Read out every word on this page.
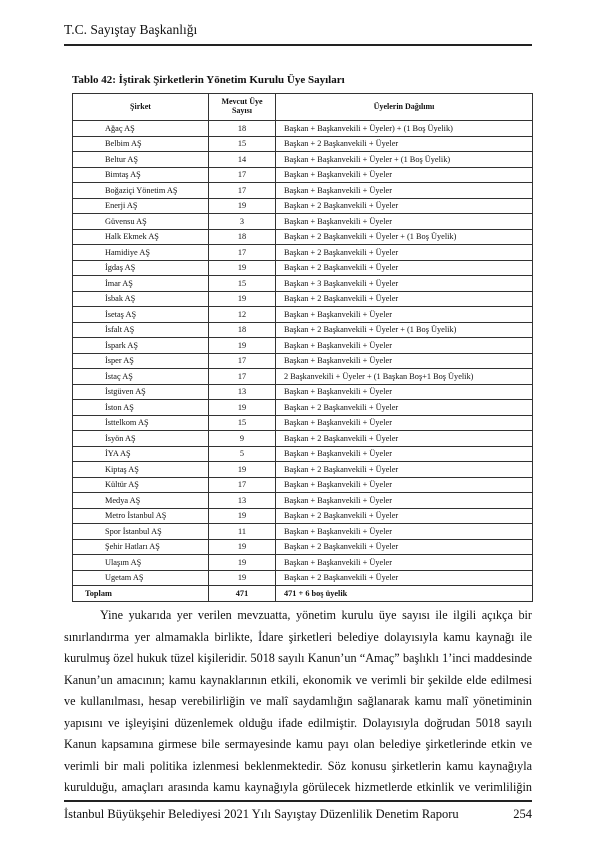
T.C. Sayıştay Başkanlığı
Tablo 42: İştirak Şirketlerin Yönetim Kurulu Üye Sayıları
Şirket	Mevcut Üye Sayısı	Üyelerin Dağılımı
Ağaç AŞ	18	Başkan + Başkanvekili + Üyeler) + (1 Boş Üyelik)
Belbim AŞ	15	Başkan + 2 Başkanvekili + Üyeler
Beltur AŞ	14	Başkan + Başkanvekili + Üyeler + (1 Boş Üyelik)
Bimtaş AŞ	17	Başkan + Başkanvekili + Üyeler
Boğaziçi Yönetim AŞ	17	Başkan + Başkanvekili + Üyeler
Enerji AŞ	19	Başkan + 2 Başkanvekili + Üyeler
Güvensu AŞ	3	Başkan + Başkanvekili + Üyeler
Halk Ekmek AŞ	18	Başkan + 2 Başkanvekili + Üyeler + (1 Boş Üyelik)
Hamidiye AŞ	17	Başkan + 2 Başkanvekili + Üyeler
İgdaş AŞ	19	Başkan + 2 Başkanvekili + Üyeler
İmar AŞ	15	Başkan + 3 Başkanvekili + Üyeler
İsbak AŞ	19	Başkan + 2 Başkanvekili + Üyeler
İsetaş AŞ	12	Başkan + Başkanvekili + Üyeler
İsfalt AŞ	18	Başkan + 2 Başkanvekili + Üyeler + (1 Boş Üyelik)
İspark AŞ	19	Başkan + Başkanvekili + Üyeler
İsper AŞ	17	Başkan + Başkanvekili + Üyeler
İstaç AŞ	17	2 Başkanvekili + Üyeler + (1 Başkan Boş+1 Boş Üyelik)
İstgüven AŞ	13	Başkan + Başkanvekili + Üyeler
İston AŞ	19	Başkan + 2 Başkanvekili + Üyeler
İsttelkom AŞ	15	Başkan + Başkanvekili + Üyeler
İsyön AŞ	9	Başkan + 2 Başkanvekili + Üyeler
İYA AŞ	5	Başkan + Başkanvekili + Üyeler
Kiptaş AŞ	19	Başkan + 2 Başkanvekili + Üyeler
Kültür AŞ	17	Başkan + Başkanvekili + Üyeler
Medya AŞ	13	Başkan + Başkanvekili + Üyeler
Metro İstanbul AŞ	19	Başkan + 2 Başkanvekili + Üyeler
Spor İstanbul AŞ	11	Başkan + Başkanvekili + Üyeler
Şehir Hatları AŞ	19	Başkan + 2 Başkanvekili + Üyeler
Ulaşım AŞ	19	Başkan + Başkanvekili + Üyeler
Ugetam AŞ	19	Başkan + 2 Başkanvekili + Üyeler
Toplam	471	471 + 6 boş üyelik

Yine yukarıda yer verilen mevzuatta, yönetim kurulu üye sayısı ile ilgili açıkça bir
sınırlandırma yer almamakla birlikte, İdare şirketleri belediye dolayısıyla kamu kaynağı ile
kurulmuş özel hukuk tüzel kişileridir. 5018 sayılı Kanun’un “Amaç” başlıklı 1’inci maddesinde
Kanun’un amacının; kamu kaynaklarının etkili, ekonomik ve verimli bir şekilde elde edilmesi
ve kullanılması, hesap verebilirliğin ve malî saydamlığın sağlanarak kamu malî yönetiminin
yapısını ve işleyişini düzenlemek olduğu ifade edilmiştir. Dolayısıyla doğrudan 5018 sayılı
Kanun kapsamına girmese bile sermayesinde kamu payı olan belediye şirketlerinde etkin ve
verimli bir mali politika izlenmesi beklenmektedir. Söz konusu şirketlerin kamu kaynağıyla
kurulduğu, amaçları arasında kamu kaynağıyla görülecek hizmetlerde etkinlik ve verimliliğin

İstanbul Büyükşehir Belediyesi 2021 Yılı Sayıştay Düzenlilik Denetim Raporu	254
